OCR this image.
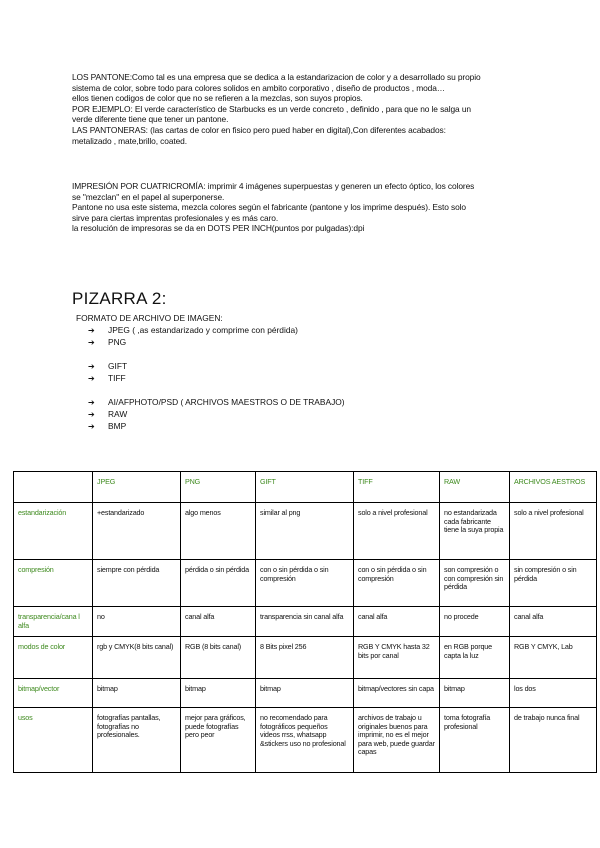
LOS PANTONE:Como tal es una empresa que se dedica a la estandarizacion de color y a desarrollado su propio

sistema de color, sobre todo para colores solidos en ambito corporativo , diseño de productos , moda…

ellos tienen codigos de color que no se refieren a la mezclas, son suyos propios.

POR EJEMPLO: El verde característico de Starbucks es un verde concreto , definido , para que no le salga un

verde diferente tiene que tener un pantone.

LAS PANTONERAS: (las cartas de color en fisico pero pued haber en digital),Con diferentes acabados:

metalizado , mate,brillo, coated.

IMPRESIÓN POR CUATRICROMÍA: imprimir 4 imágenes superpuestas y generen un efecto óptico, los colores

se "mezclan" en el papel al superponerse.

Pantone no usa este sistema, mezcla colores según el fabricante (pantone y los imprime después). Esto solo

sirve para ciertas imprentas profesionales y es más caro.

la resolución de impresoras se da en DOTS PER INCH(puntos por pulgadas):dpi

PIZARRA 2:
FORMATO DE ARCHIVO DE IMAGEN:
➔ JPEG ( ,as estandarizado y comprime con pérdida)
➔ PNG
➔ GIFT
➔ TIFF
➔ AI/AFPHOTO/PSD ( ARCHIVOS MAESTROS O DE TRABAJO)
➔ RAW
➔ BMP
	JPEG	PNG	GIFT	TIFF	RAW	ARCHIVOS AESTROS
estandarización	+estandarizado	algo menos	similar al png	solo a nivel profesional	no estandarizada cada fabricante tiene la suya propia	solo a nivel profesional
compresión	siempre con pérdida	pérdida o sin pérdida	con o sin pérdida o sin compresión	con o sin pérdida o sin compresión	son compresión o con compresión sin pérdida	sin compresión o sin pérdida
transparencia/cana l alfa	no	canal alfa	transparencia sin canal alfa	canal alfa	no procede	canal alfa
modos de color	rgb y CMYK(8 bits canal)	RGB (8 bits canal)	8 Bits pixel 256	RGB Y CMYK hasta 32 bits por canal	en RGB porque capta la luz	RGB Y CMYK, Lab
bitmap/vector	bitmap	bitmap	bitmap	bitmap/vectores sin capa	bitmap	los dos
usos	fotografías pantallas, fotografías no profesionales.	mejor para gráficos, puede fotografías pero peor	no recomendado para fotográficos pequeños videos rrss, whatsapp &stickers uso no profesional	archivos de trabajo u originales buenos para imprimir, no es el mejor para web, puede guardar capas	toma fotografía profesional	de trabajo nunca final
